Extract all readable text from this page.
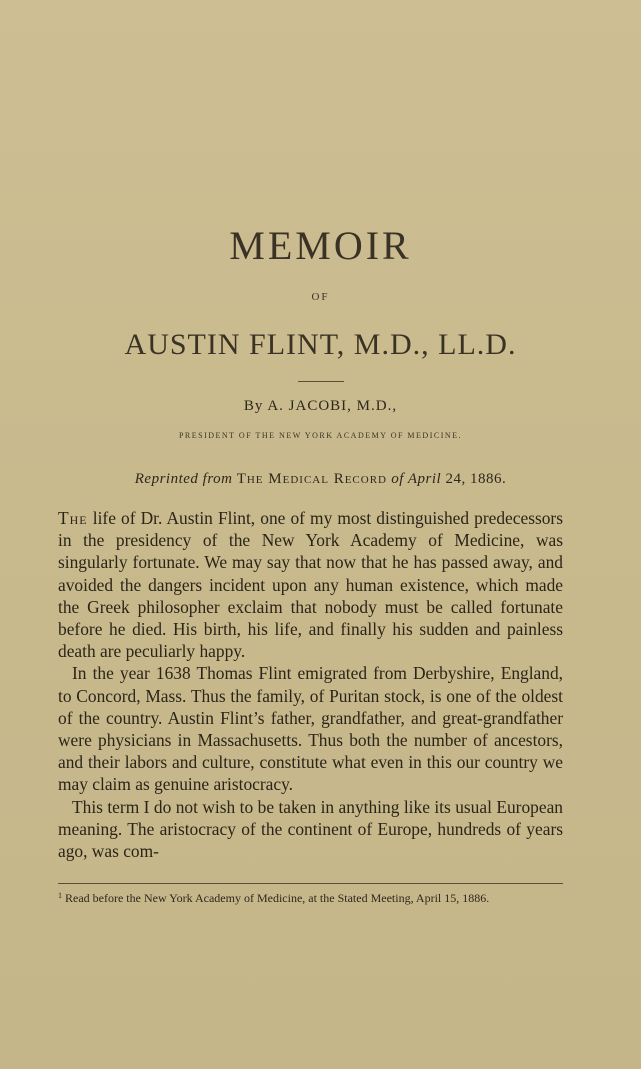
MEMOIR
OF
AUSTIN FLINT, M.D., LL.D.
By A. JACOBI, M.D.,
PRESIDENT OF THE NEW YORK ACADEMY OF MEDICINE.
Reprinted from The Medical Record of April 24, 1886.

The life of Dr. Austin Flint, one of my most distinguished predecessors in the presidency of the New York Academy of Medicine, was singularly fortunate. We may say that now that he has passed away, and avoided the dangers incident upon any human existence, which made the Greek philosopher exclaim that nobody must be called fortunate before he died. His birth, his life, and finally his sudden and painless death are peculiarly happy.

In the year 1638 Thomas Flint emigrated from Derbyshire, England, to Concord, Mass. Thus the family, of Puritan stock, is one of the oldest of the country. Austin Flint’s father, grandfather, and great-grandfather were physicians in Massachusetts. Thus both the number of ancestors, and their labors and culture, constitute what even in this our country we may claim as genuine aristocracy.

This term I do not wish to be taken in anything like its usual European meaning. The aristocracy of the continent of Europe, hundreds of years ago, was com-

$^1$ Read before the New York Academy of Medicine, at the Stated Meeting, April 15, 1886.
